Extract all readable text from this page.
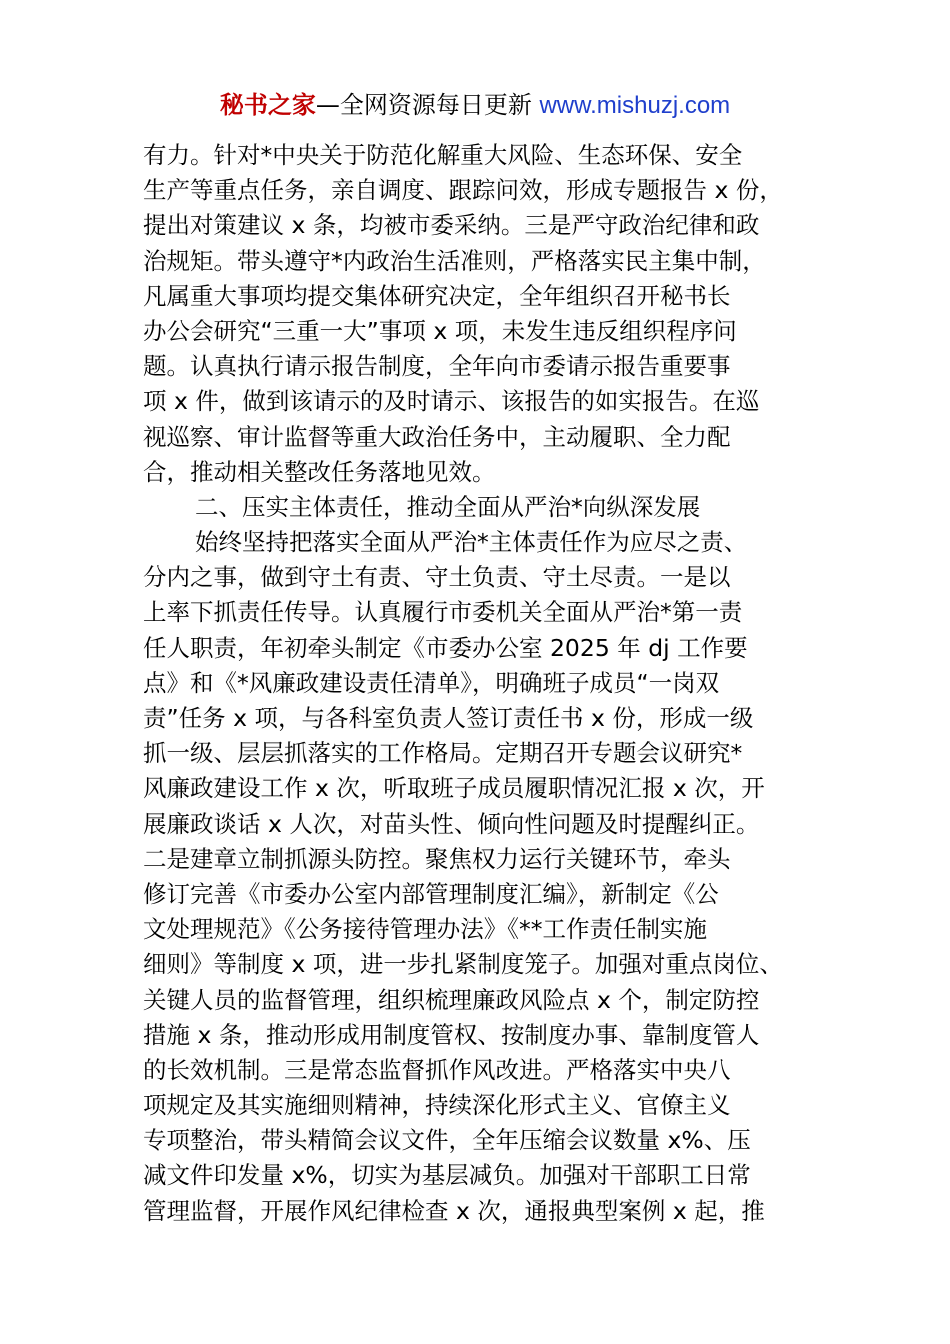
秘书之家—全网资源每日更新 www.mishuzj.com
有力。针对*中央关于防范化解重大风险、生态环保、安全
生产等重点任务，亲自调度、跟踪问效，形成专题报告 x 份，
提出对策建议 x 条，均被市委采纳。三是严守政治纪律和政
治规矩。带头遵守*内政治生活准则，严格落实民主集中制，
凡属重大事项均提交集体研究决定，全年组织召开秘书长
办公会研究“三重一大”事项 x 项，未发生违反组织程序问
题。认真执行请示报告制度，全年向市委请示报告重要事
项 x 件，做到该请示的及时请示、该报告的如实报告。在巡
视巡察、审计监督等重大政治任务中，主动履职、全力配
合，推动相关整改任务落地见效。
二、压实主体责任，推动全面从严治*向纵深发展
始终坚持把落实全面从严治*主体责任作为应尽之责、
分内之事，做到守土有责、守土负责、守土尽责。一是以
上率下抓责任传导。认真履行市委机关全面从严治*第一责
任人职责，年初牵头制定《市委办公室 2025 年 dj 工作要
点》和《*风廉政建设责任清单》，明确班子成员“一岗双
责”任务 x 项，与各科室负责人签订责任书 x 份，形成一级
抓一级、层层抓落实的工作格局。定期召开专题会议研究*
风廉政建设工作 x 次，听取班子成员履职情况汇报 x 次，开
展廉政谈话 x 人次，对苗头性、倾向性问题及时提醒纠正。
二是建章立制抓源头防控。聚焦权力运行关键环节，牵头
修订完善《市委办公室内部管理制度汇编》，新制定《公
文处理规范》《公务接待管理办法》《**工作责任制实施
细则》等制度 x 项，进一步扎紧制度笼子。加强对重点岗位、
关键人员的监督管理，组织梳理廉政风险点 x 个，制定防控
措施 x 条，推动形成用制度管权、按制度办事、靠制度管人
的长效机制。三是常态监督抓作风改进。严格落实中央八
项规定及其实施细则精神，持续深化形式主义、官僚主义
专项整治，带头精简会议文件，全年压缩会议数量 x%、压
减文件印发量 x%，切实为基层减负。加强对干部职工日常
管理监督，开展作风纪律检查 x 次，通报典型案例 x 起，推
